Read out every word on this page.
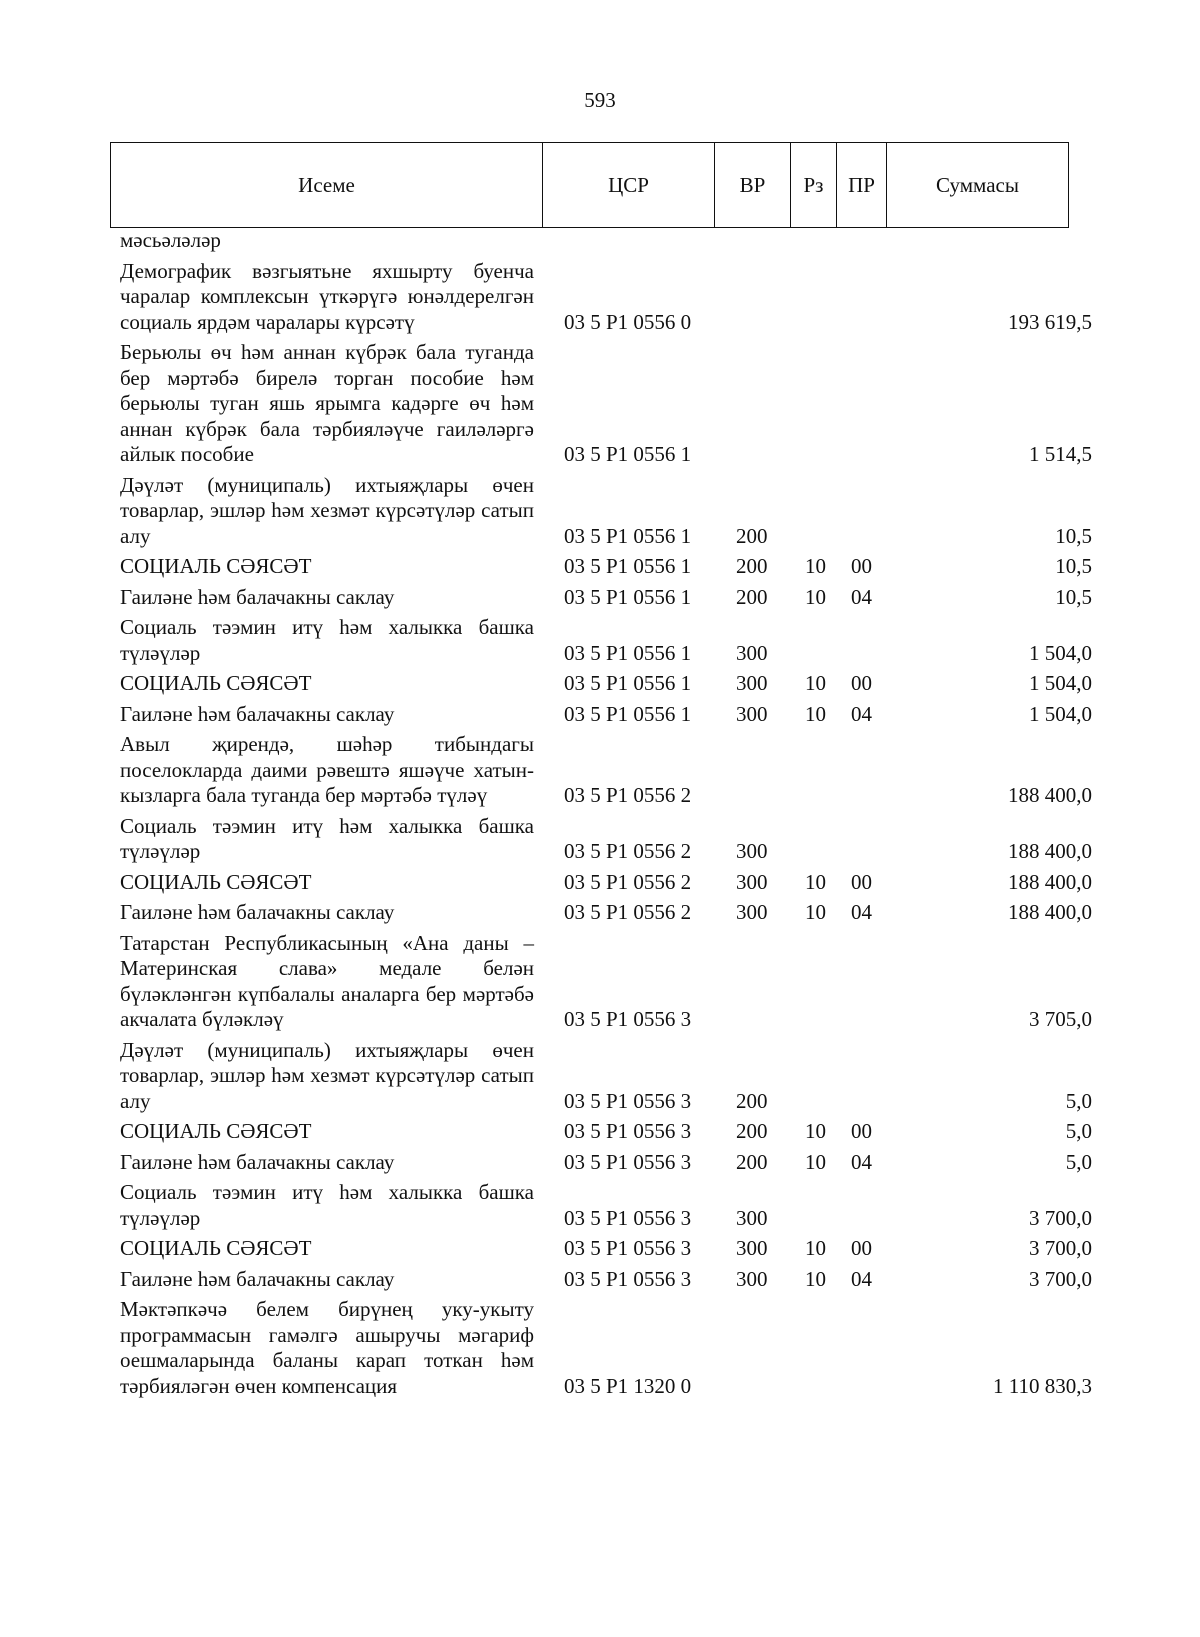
593
Исеме	ЦСР	ВР	Рз	ПР	Суммасы
мәсьәләләр					
Демографик вәзгыятьне яхшырту буенча чаралар комплексын үткәрүгә юнәлдерелгән социаль ярдәм чаралары күрсәтү	03 5 P1 0556 0				193 619,5
Берьюлы өч һәм аннан күбрәк бала туганда бер мәртәбә бирелә торган пособие һәм берьюлы туган яшь ярымга кадәрге өч һәм аннан күбрәк бала тәрбияләүче гаиләләргә айлык пособие	03 5 P1 0556 1				1 514,5
Дәүләт (муниципаль) ихтыяҗлары өчен товарлар, эшләр һәм хезмәт күрсәтүләр сатып алу	03 5 P1 0556 1	200			10,5
СОЦИАЛЬ СӘЯСӘТ	03 5 P1 0556 1	200	10	00	10,5
Гаиләне һәм балачакны саклау	03 5 P1 0556 1	200	10	04	10,5
Социаль тәэмин итү һәм халыкка башка түләүләр	03 5 P1 0556 1	300			1 504,0
СОЦИАЛЬ СӘЯСӘТ	03 5 P1 0556 1	300	10	00	1 504,0
Гаиләне һәм балачакны саклау	03 5 P1 0556 1	300	10	04	1 504,0
Авыл җирендә, шәһәр тибындагы поселокларда даими рәвештә яшәүче хатын-кызларга бала туганда бер мәртәбә түләү	03 5 P1 0556 2				188 400,0
Социаль тәэмин итү һәм халыкка башка түләүләр	03 5 P1 0556 2	300			188 400,0
СОЦИАЛЬ СӘЯСӘТ	03 5 P1 0556 2	300	10	00	188 400,0
Гаиләне һәм балачакны саклау	03 5 P1 0556 2	300	10	04	188 400,0
Татарстан Республикасының «Ана даны – Материнская слава» медале белән бүләкләнгән күпбалалы аналарга бер мәртәбә акчалата бүләкләү	03 5 P1 0556 3				3 705,0
Дәүләт (муниципаль) ихтыяҗлары өчен товарлар, эшләр һәм хезмәт күрсәтүләр сатып алу	03 5 P1 0556 3	200			5,0
СОЦИАЛЬ СӘЯСӘТ	03 5 P1 0556 3	200	10	00	5,0
Гаиләне һәм балачакны саклау	03 5 P1 0556 3	200	10	04	5,0
Социаль тәэмин итү һәм халыкка башка түләүләр	03 5 P1 0556 3	300			3 700,0
СОЦИАЛЬ СӘЯСӘТ	03 5 P1 0556 3	300	10	00	3 700,0
Гаиләне һәм балачакны саклау	03 5 P1 0556 3	300	10	04	3 700,0
Мәктәпкәчә белем бирүнең уку-укыту программасын гамәлгә ашыручы мәгариф оешмаларында баланы карап тоткан һәм тәрбияләгән өчен компенсация	03 5 P1 1320 0				1 110 830,3
